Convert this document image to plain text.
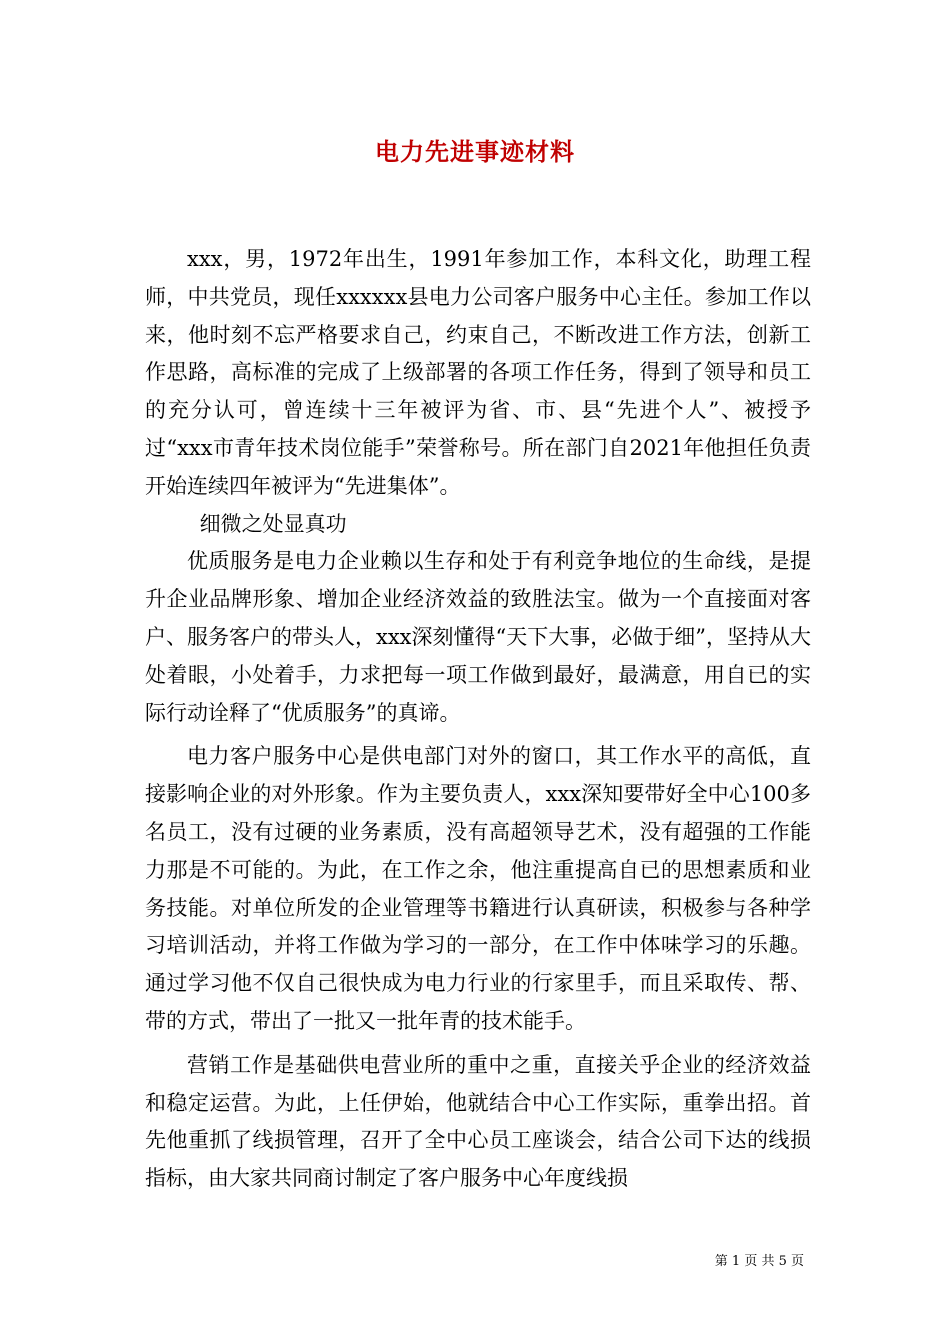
电力先进事迹材料

xxx，男，1972年出生，1991年参加工作，本科文化，助理工程师，中共党员，现任xxxxxx县电力公司客户服务中心主任。参加工作以来，他时刻不忘严格要求自己，约束自己，不断改进工作方法，创新工作思路，高标准的完成了上级部署的各项工作任务，得到了领导和员工的充分认可，曾连续十三年被评为省、市、县“先进个人”、被授予过“xxx市青年技术岗位能手”荣誉称号。所在部门自2021年他担任负责开始连续四年被评为“先进集体”。

细微之处显真功

优质服务是电力企业赖以生存和处于有利竞争地位的生命线，是提升企业品牌形象、增加企业经济效益的致胜法宝。做为一个直接面对客户、服务客户的带头人，xxx深刻懂得“天下大事，必做于细”，坚持从大处着眼，小处着手，力求把每一项工作做到最好，最满意，用自已的实际行动诠释了“优质服务”的真谛。

电力客户服务中心是供电部门对外的窗口，其工作水平的高低，直接影响企业的对外形象。作为主要负责人，xxx深知要带好全中心100多名员工，没有过硬的业务素质，没有高超领导艺术，没有超强的工作能力那是不可能的。为此，在工作之余，他注重提高自已的思想素质和业务技能。对单位所发的企业管理等书籍进行认真研读，积极参与各种学习培训活动，并将工作做为学习的一部分，在工作中体味学习的乐趣。通过学习他不仅自己很快成为电力行业的行家里手，而且采取传、帮、带的方式，带出了一批又一批年青的技术能手。

营销工作是基础供电营业所的重中之重，直接关乎企业的经济效益和稳定运营。为此，上任伊始，他就结合中心工作实际，重拳出招。首先他重抓了线损管理，召开了全中心员工座谈会，结合公司下达的线损指标，由大家共同商讨制定了客户服务中心年度线损

第 1 页 共 5 页
